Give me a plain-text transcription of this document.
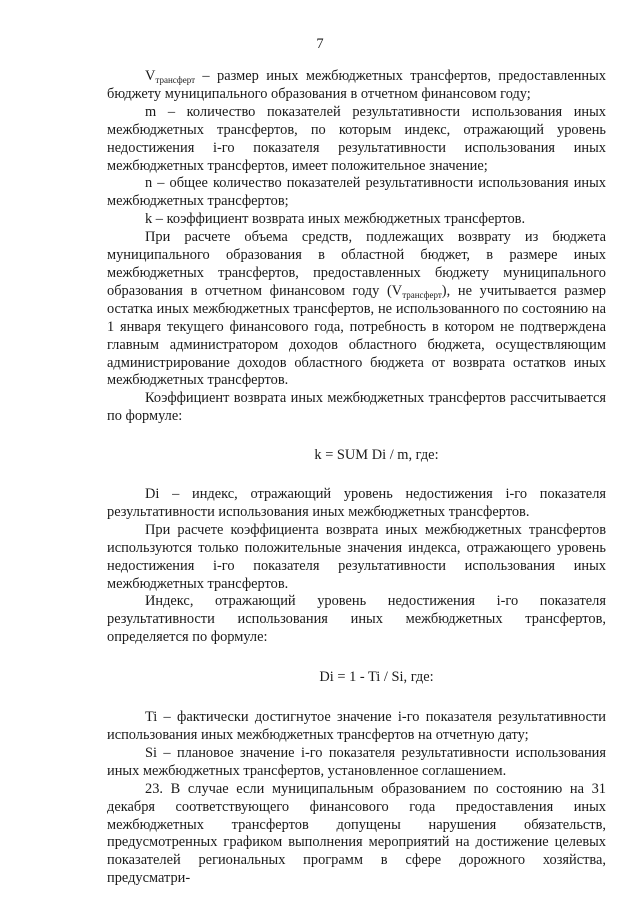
7

$V_{трансферт}$ – размер иных межбюджетных трансфертов, предоставленных бюджету муниципального образования в отчетном финансовом году;

m – количество показателей результативности использования иных межбюджетных трансфертов, по которым индекс, отражающий уровень недостижения i-го показателя результативности использования иных межбюджетных трансфертов, имеет положительное значение;

n – общее количество показателей результативности использования иных межбюджетных трансфертов;

k – коэффициент возврата иных межбюджетных трансфертов.

При расчете объема средств, подлежащих возврату из бюджета муниципального образования в областной бюджет, в размере иных межбюджетных трансфертов, предоставленных бюджету муниципального образования в отчетном финансовом году $(V_{трансферт})$, не учитывается размер остатка иных межбюджетных трансфертов, не использованного по состоянию на 1 января текущего финансового года, потребность в котором не подтверждена главным администратором доходов областного бюджета, осуществляющим администрирование доходов областного бюджета от возврата остатков иных межбюджетных трансфертов.

Коэффициент возврата иных межбюджетных трансфертов рассчитывается по формуле:

k = SUM Di / m, где:

Di – индекс, отражающий уровень недостижения i-го показателя результативности использования иных межбюджетных трансфертов.

При расчете коэффициента возврата иных межбюджетных трансфертов используются только положительные значения индекса, отражающего уровень недостижения i-го показателя результативности использования иных межбюджетных трансфертов.

Индекс, отражающий уровень недостижения i-го показателя результативности использования иных межбюджетных трансфертов, определяется по формуле:

Di = 1 - Ti / Si, где:

Ti – фактически достигнутое значение i-го показателя результативности использования иных межбюджетных трансфертов на отчетную дату;

Si – плановое значение i-го показателя результативности использования иных межбюджетных трансфертов, установленное соглашением.

23. В случае если муниципальным образованием по состоянию на 31 декабря соответствующего финансового года предоставления иных межбюджетных трансфертов допущены нарушения обязательств, предусмотренных графиком выполнения мероприятий на достижение целевых показателей региональных программ в сфере дорожного хозяйства, предусматри-
